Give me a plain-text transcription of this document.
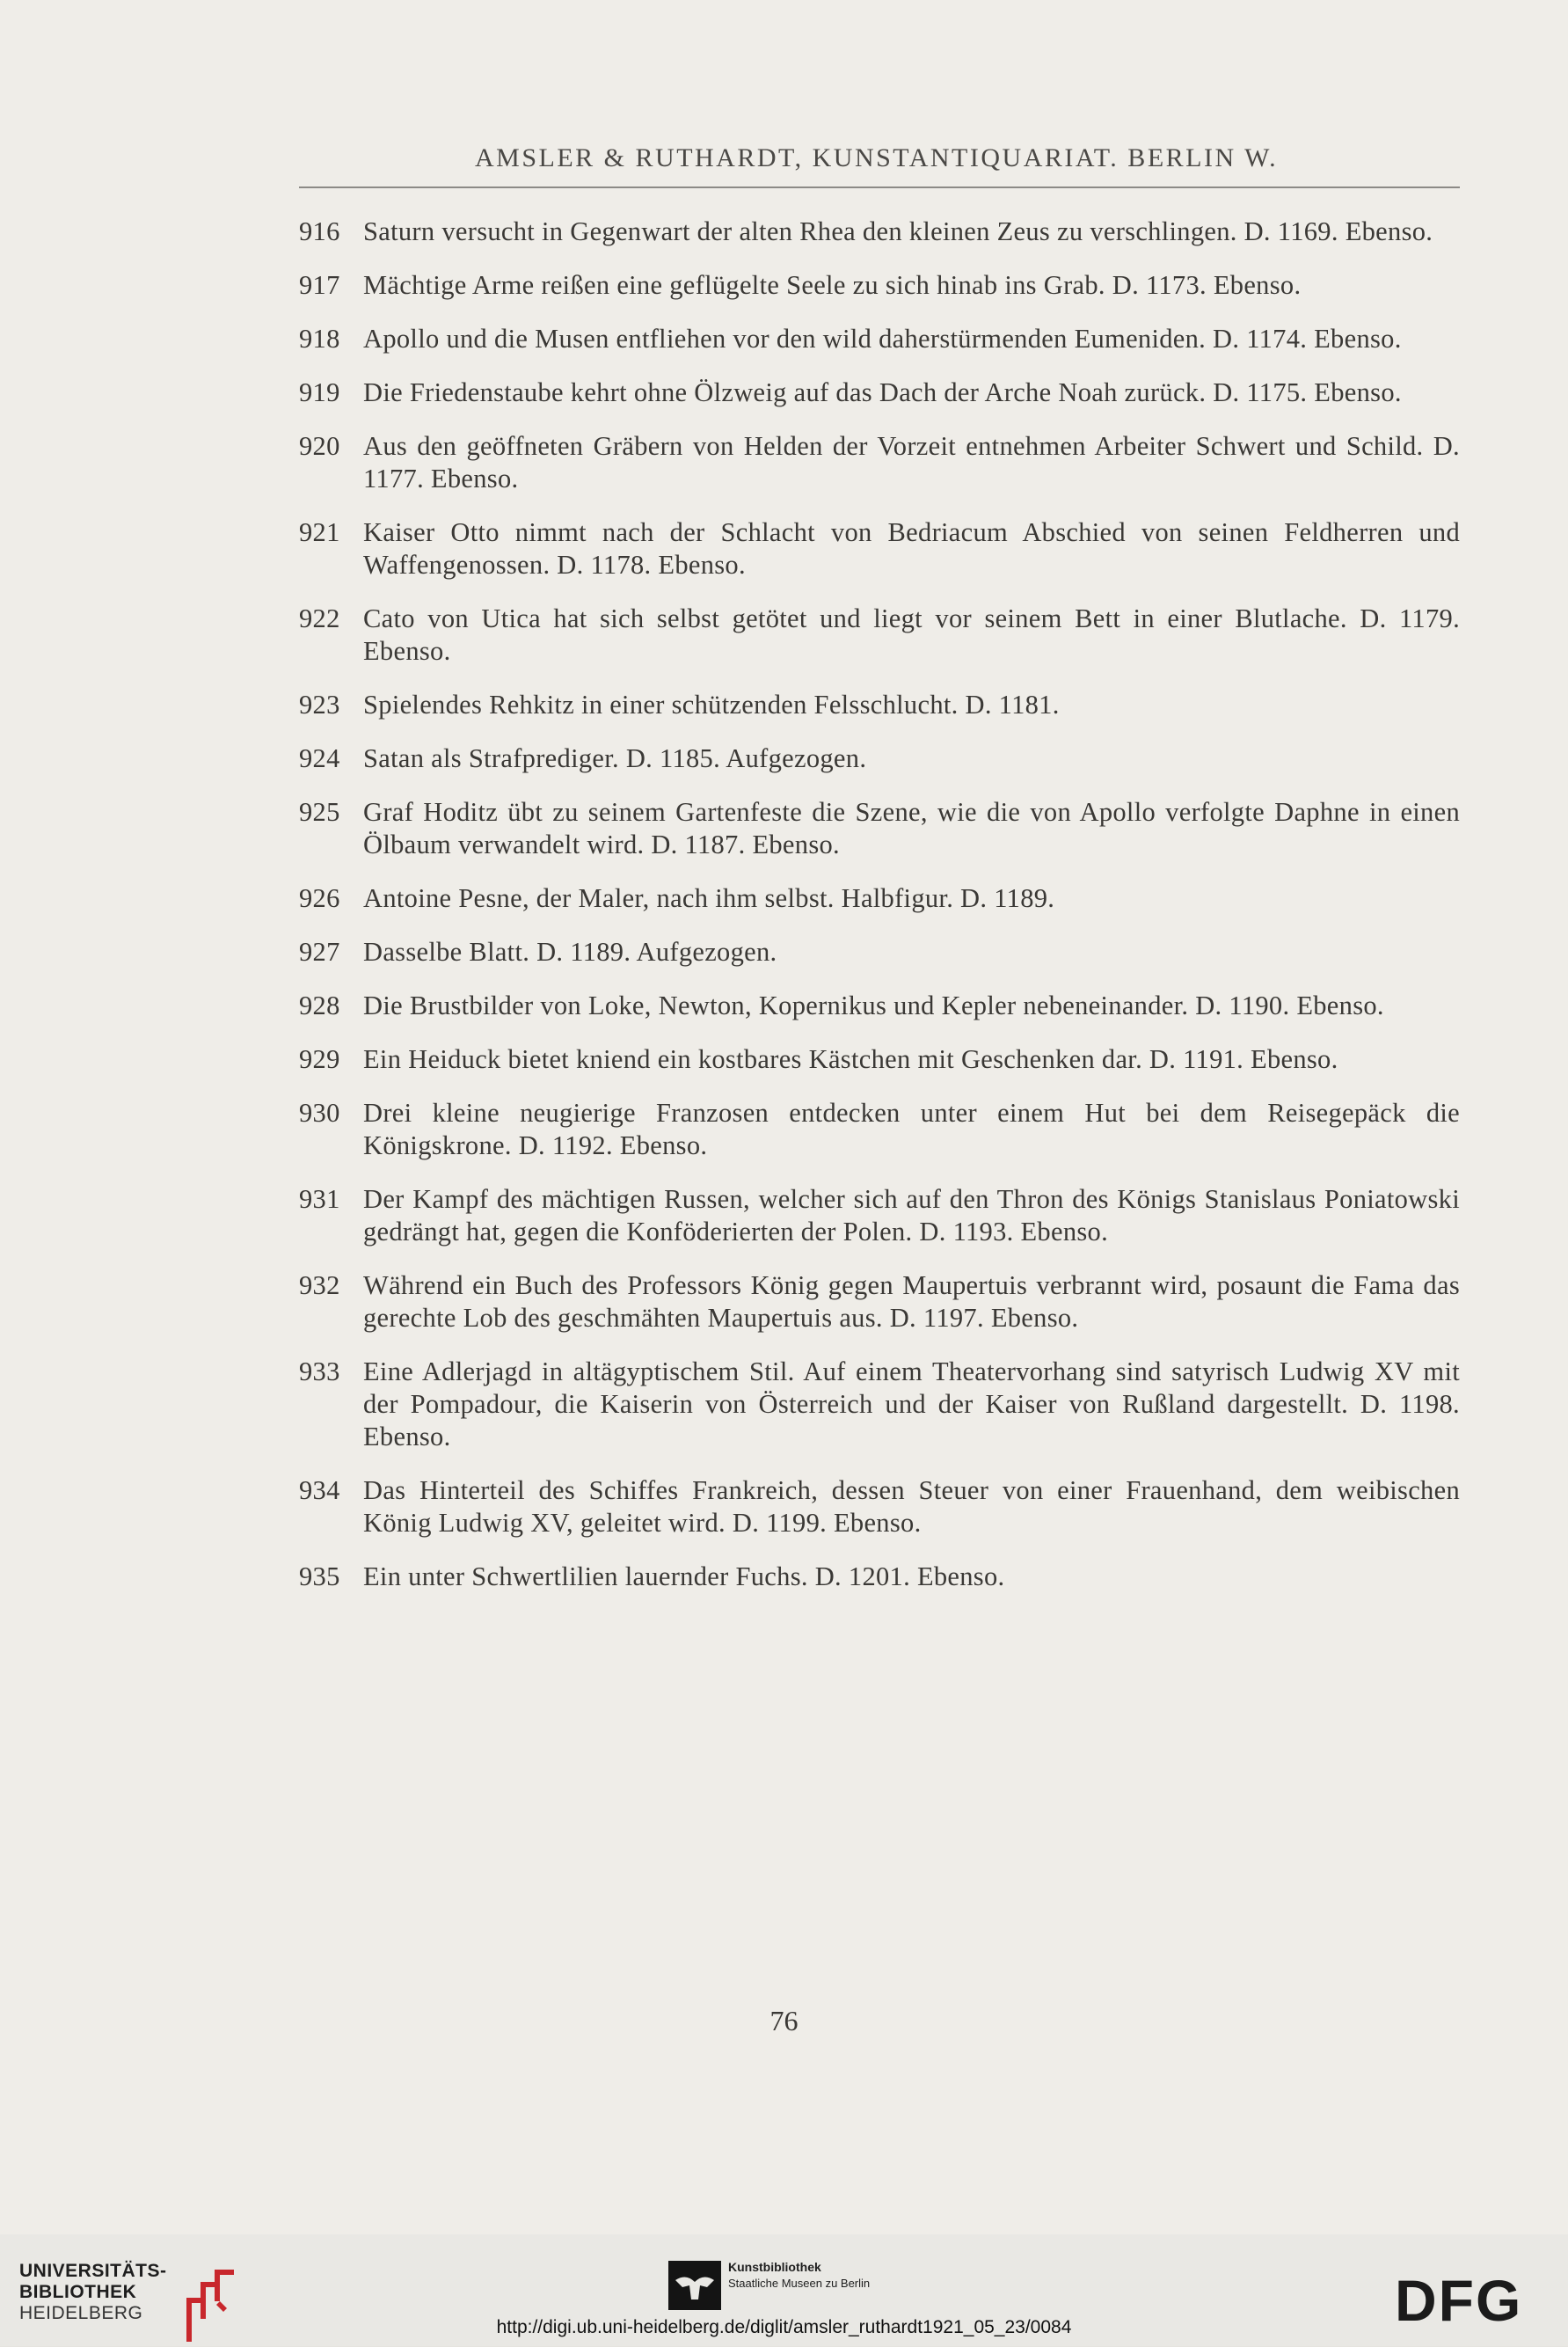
AMSLER & RUTHARDT, KUNSTANTIQUARIAT. BERLIN W.
916 Saturn versucht in Gegenwart der alten Rhea den kleinen Zeus zu verschlingen. D. 1169. Ebenso.
917 Mächtige Arme reißen eine geflügelte Seele zu sich hinab ins Grab. D. 1173. Ebenso.
918 Apollo und die Musen entfliehen vor den wild daherstürmenden Eumeniden. D. 1174. Ebenso.
919 Die Friedenstaube kehrt ohne Ölzweig auf das Dach der Arche Noah zurück. D. 1175. Ebenso.
920 Aus den geöffneten Gräbern von Helden der Vorzeit entnehmen Arbeiter Schwert und Schild. D. 1177. Ebenso.
921 Kaiser Otto nimmt nach der Schlacht von Bedriacum Abschied von seinen Feldherren und Waffengenossen. D. 1178. Ebenso.
922 Cato von Utica hat sich selbst getötet und liegt vor seinem Bett in einer Blutlache. D. 1179. Ebenso.
923 Spielendes Rehkitz in einer schützenden Felsschlucht. D. 1181.
924 Satan als Strafprediger. D. 1185. Aufgezogen.
925 Graf Hoditz übt zu seinem Gartenfeste die Szene, wie die von Apollo verfolgte Daphne in einen Ölbaum verwandelt wird. D. 1187. Ebenso.
926 Antoine Pesne, der Maler, nach ihm selbst. Halbfigur. D. 1189.
927 Dasselbe Blatt. D. 1189. Aufgezogen.
928 Die Brustbilder von Loke, Newton, Kopernikus und Kepler nebeneinander. D. 1190. Ebenso.
929 Ein Heiduck bietet kniend ein kostbares Kästchen mit Geschenken dar. D. 1191. Ebenso.
930 Drei kleine neugierige Franzosen entdecken unter einem Hut bei dem Reisegepäck die Königskrone. D. 1192. Ebenso.
931 Der Kampf des mächtigen Russen, welcher sich auf den Thron des Königs Stanislaus Poniatowski gedrängt hat, gegen die Konföderierten der Polen. D. 1193. Ebenso.
932 Während ein Buch des Professors König gegen Maupertuis verbrannt wird, posaunt die Fama das gerechte Lob des geschmähten Maupertuis aus. D. 1197. Ebenso.
933 Eine Adlerjagd in altägyptischem Stil. Auf einem Theatervorhang sind satyrisch Ludwig XV mit der Pompadour, die Kaiserin von Österreich und der Kaiser von Rußland dargestellt. D. 1198. Ebenso.
934 Das Hinterteil des Schiffes Frankreich, dessen Steuer von einer Frauenhand, dem weibischen König Ludwig XV, geleitet wird. D. 1199. Ebenso.
935 Ein unter Schwertlilien lauernder Fuchs. D. 1201. Ebenso.
76
UNIVERSITÄTS-
BIBLIOTHEK
HEIDELBERG
Kunstbibliothek
Staatliche Museen zu Berlin	DFG
http://digi.ub.uni-heidelberg.de/diglit/amsler_ruthardt1921_05_23/0084
